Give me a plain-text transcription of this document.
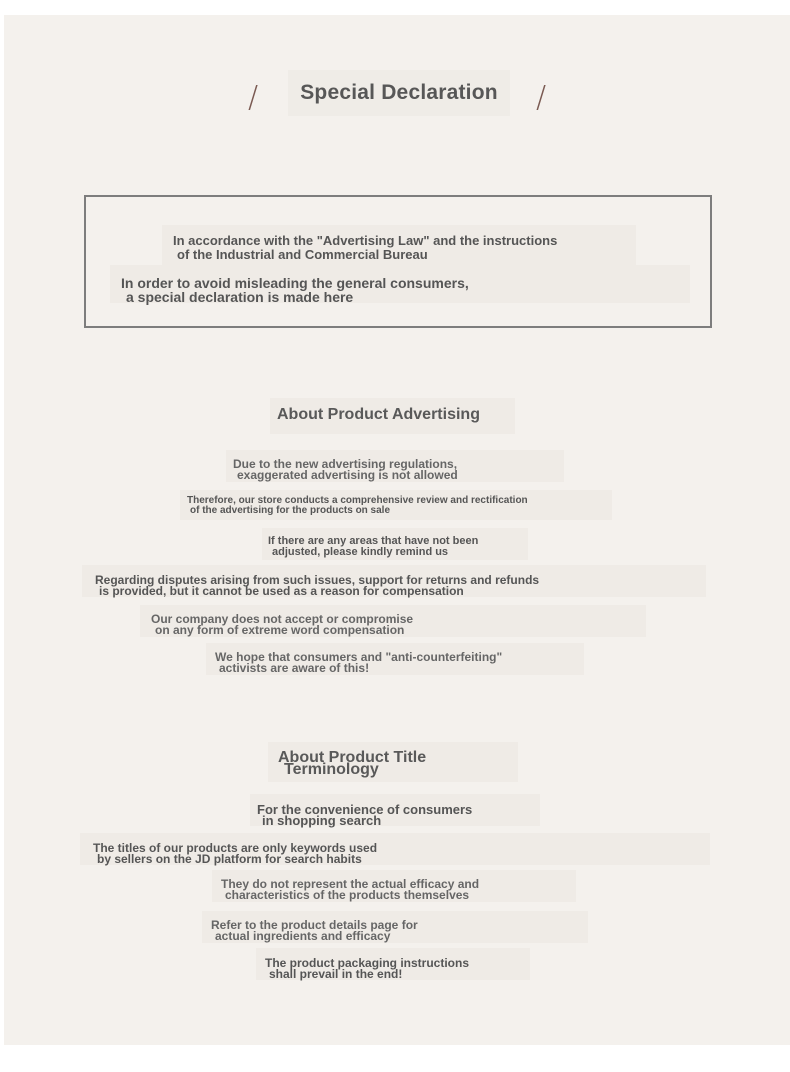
/ Special Declaration /
In accordance with the "Advertising Law" and the instructions
of the Industrial and Commercial Bureau
In order to avoid misleading the general consumers,
a special declaration is made here
About Product Advertising
Due to the new advertising regulations,
exaggerated advertising is not allowed
Therefore, our store conducts a comprehensive review and rectification
of the advertising for the products on sale
If there are any areas that have not been
adjusted, please kindly remind us
Regarding disputes arising from such issues, support for returns and refunds
is provided, but it cannot be used as a reason for compensation
Our company does not accept or compromise
on any form of extreme word compensation
We hope that consumers and "anti-counterfeiting"
activists are aware of this!
About Product Title
Terminology
For the convenience of consumers
in shopping search
The titles of our products are only keywords used
by sellers on the JD platform for search habits
They do not represent the actual efficacy and
characteristics of the products themselves
Refer to the product details page for
actual ingredients and efficacy
The product packaging instructions
shall prevail in the end!
